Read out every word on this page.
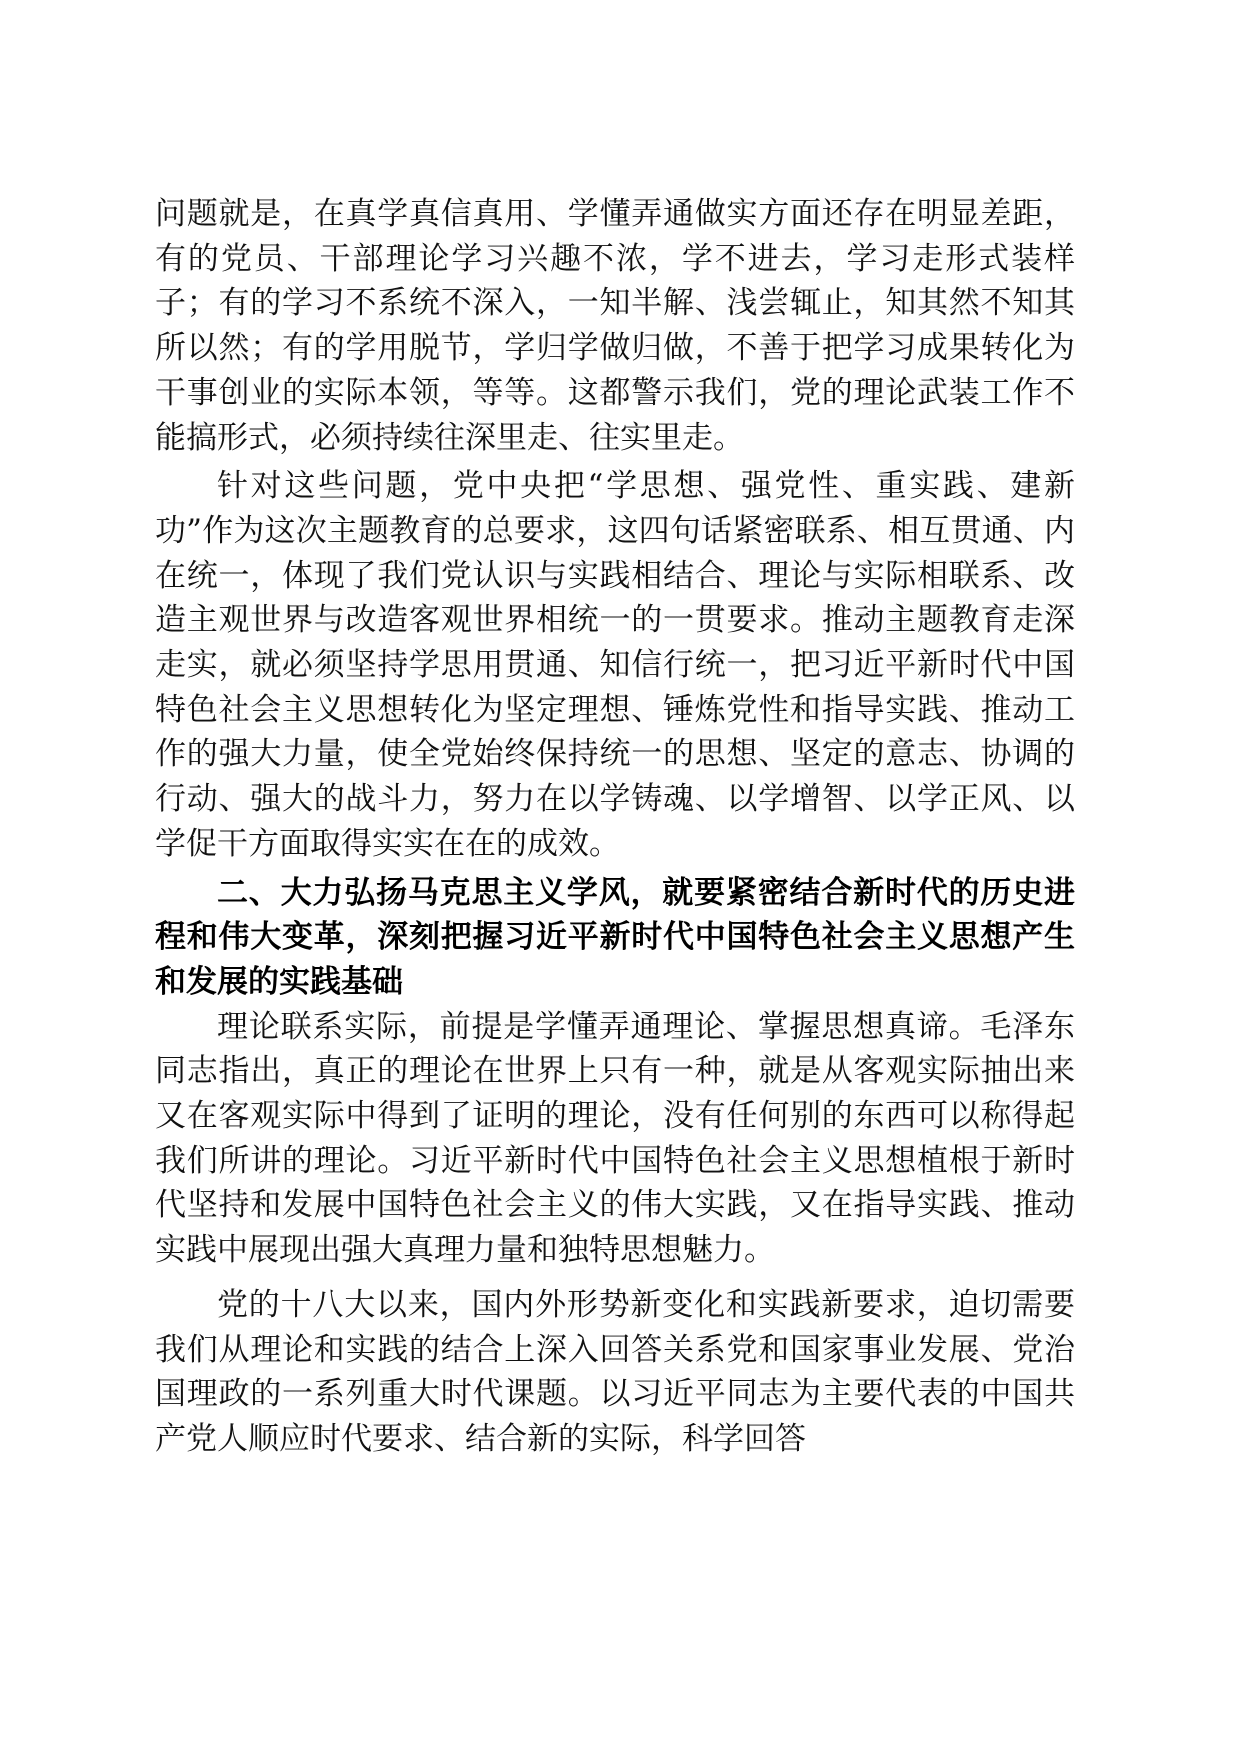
问题就是，在真学真信真用、学懂弄通做实方面还存在明显差距，有的党员、干部理论学习兴趣不浓，学不进去，学习走形式装样子；有的学习不系统不深入，一知半解、浅尝辄止，知其然不知其所以然；有的学用脱节，学归学做归做，不善于把学习成果转化为干事创业的实际本领，等等。这都警示我们，党的理论武装工作不能搞形式，必须持续往深里走、往实里走。

针对这些问题，党中央把“学思想、强党性、重实践、建新功”作为这次主题教育的总要求，这四句话紧密联系、相互贯通、内在统一，体现了我们党认识与实践相结合、理论与实际相联系、改造主观世界与改造客观世界相统一的一贯要求。推动主题教育走深走实，就必须坚持学思用贯通、知信行统一，把习近平新时代中国特色社会主义思想转化为坚定理想、锤炼党性和指导实践、推动工作的强大力量，使全党始终保持统一的思想、坚定的意志、协调的行动、强大的战斗力，努力在以学铸魂、以学增智、以学正风、以学促干方面取得实实在在的成效。

二、大力弘扬马克思主义学风，就要紧密结合新时代的历史进程和伟大变革，深刻把握习近平新时代中国特色社会主义思想产生和发展的实践基础

理论联系实际，前提是学懂弄通理论、掌握思想真谛。毛泽东同志指出，真正的理论在世界上只有一种，就是从客观实际抽出来又在客观实际中得到了证明的理论，没有任何别的东西可以称得起我们所讲的理论。习近平新时代中国特色社会主义思想植根于新时代坚持和发展中国特色社会主义的伟大实践，又在指导实践、推动实践中展现出强大真理力量和独特思想魅力。

党的十八大以来，国内外形势新变化和实践新要求，迫切需要我们从理论和实践的结合上深入回答关系党和国家事业发展、党治国理政的一系列重大时代课题。以习近平同志为主要代表的中国共产党人顺应时代要求、结合新的实际，科学回答
